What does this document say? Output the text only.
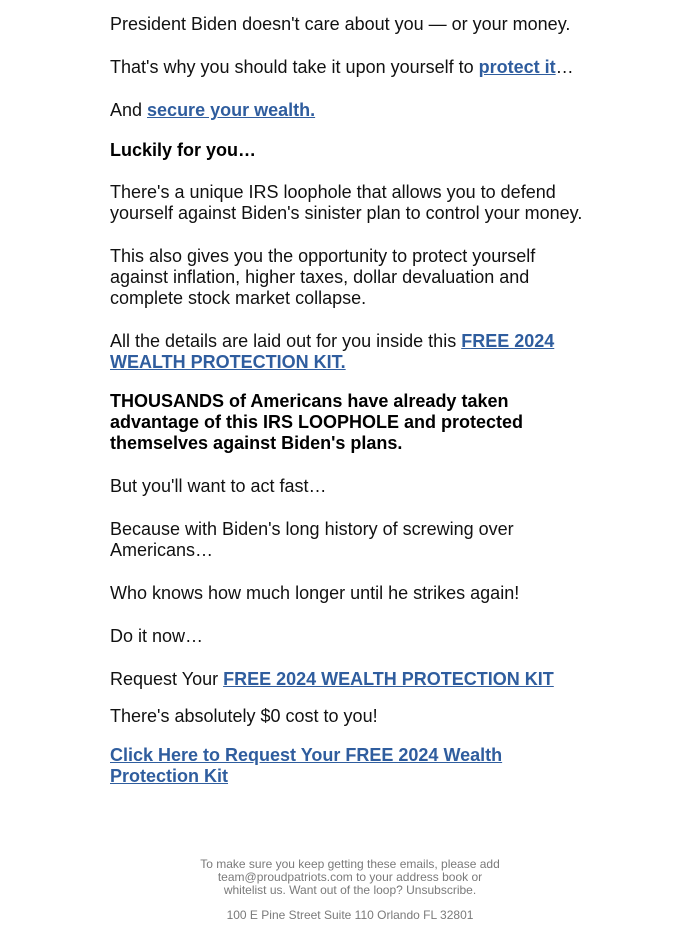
President Biden doesn't care about you — or your money.

That's why you should take it upon yourself to protect it…

And secure your wealth.

Luckily for you…

There's a unique IRS loophole that allows you to defend yourself against Biden's sinister plan to control your money.

This also gives you the opportunity to protect yourself against inflation, higher taxes, dollar devaluation and complete stock market collapse.

All the details are laid out for you inside this FREE 2024 WEALTH PROTECTION KIT.

THOUSANDS of Americans have already taken advantage of this IRS LOOPHOLE and protected themselves against Biden's plans.

But you'll want to act fast…

Because with Biden's long history of screwing over Americans…

Who knows how much longer until he strikes again!

Do it now…

Request Your FREE 2024 WEALTH PROTECTION KIT

There's absolutely $0 cost to you!

Click Here to Request Your FREE 2024 Wealth Protection Kit

To make sure you keep getting these emails, please add team@proudpatriots.com to your address book or whitelist us. Want out of the loop? Unsubscribe.
100 E Pine Street Suite 110 Orlando FL 32801
